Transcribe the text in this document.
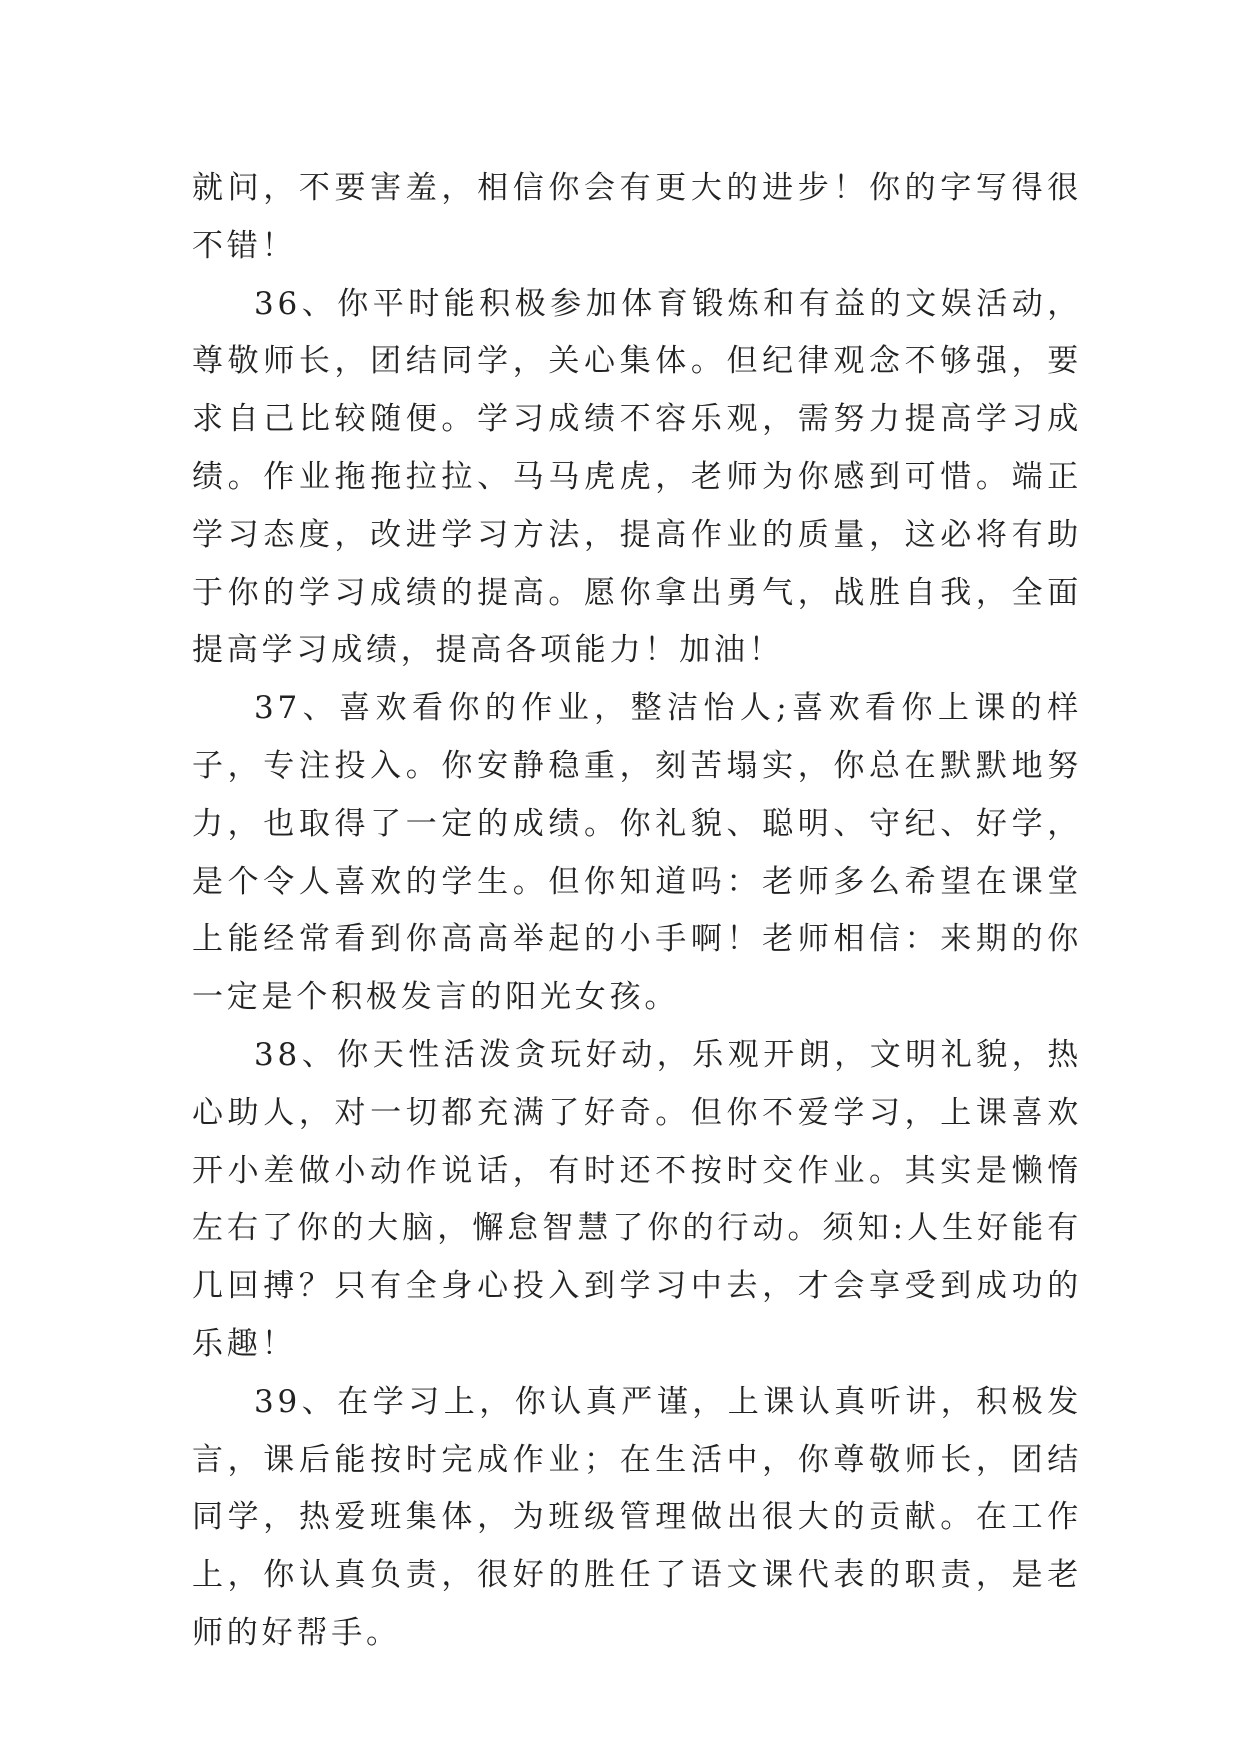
就问，不要害羞，相信你会有更大的进步！你的字写得很不错！

36、你平时能积极参加体育锻炼和有益的文娱活动，尊敬师长，团结同学，关心集体。但纪律观念不够强，要求自己比较随便。学习成绩不容乐观，需努力提高学习成绩。作业拖拖拉拉、马马虎虎，老师为你感到可惜。端正学习态度，改进学习方法，提高作业的质量，这必将有助于你的学习成绩的提高。愿你拿出勇气，战胜自我，全面提高学习成绩，提高各项能力！加油！

37、喜欢看你的作业，整洁怡人;喜欢看你上课的样子，专注投入。你安静稳重，刻苦塌实，你总在默默地努力，也取得了一定的成绩。你礼貌、聪明、守纪、好学，是个令人喜欢的学生。但你知道吗：老师多么希望在课堂上能经常看到你高高举起的小手啊！老师相信：来期的你一定是个积极发言的阳光女孩。

38、你天性活泼贪玩好动，乐观开朗，文明礼貌，热心助人，对一切都充满了好奇。但你不爱学习，上课喜欢开小差做小动作说话，有时还不按时交作业。其实是懒惰左右了你的大脑，懈怠智慧了你的行动。须知:人生好能有几回搏？只有全身心投入到学习中去，才会享受到成功的乐趣！

39、在学习上，你认真严谨，上课认真听讲，积极发言，课后能按时完成作业；在生活中，你尊敬师长，团结同学，热爱班集体，为班级管理做出很大的贡献。在工作上，你认真负责，很好的胜任了语文课代表的职责，是老师的好帮手。
